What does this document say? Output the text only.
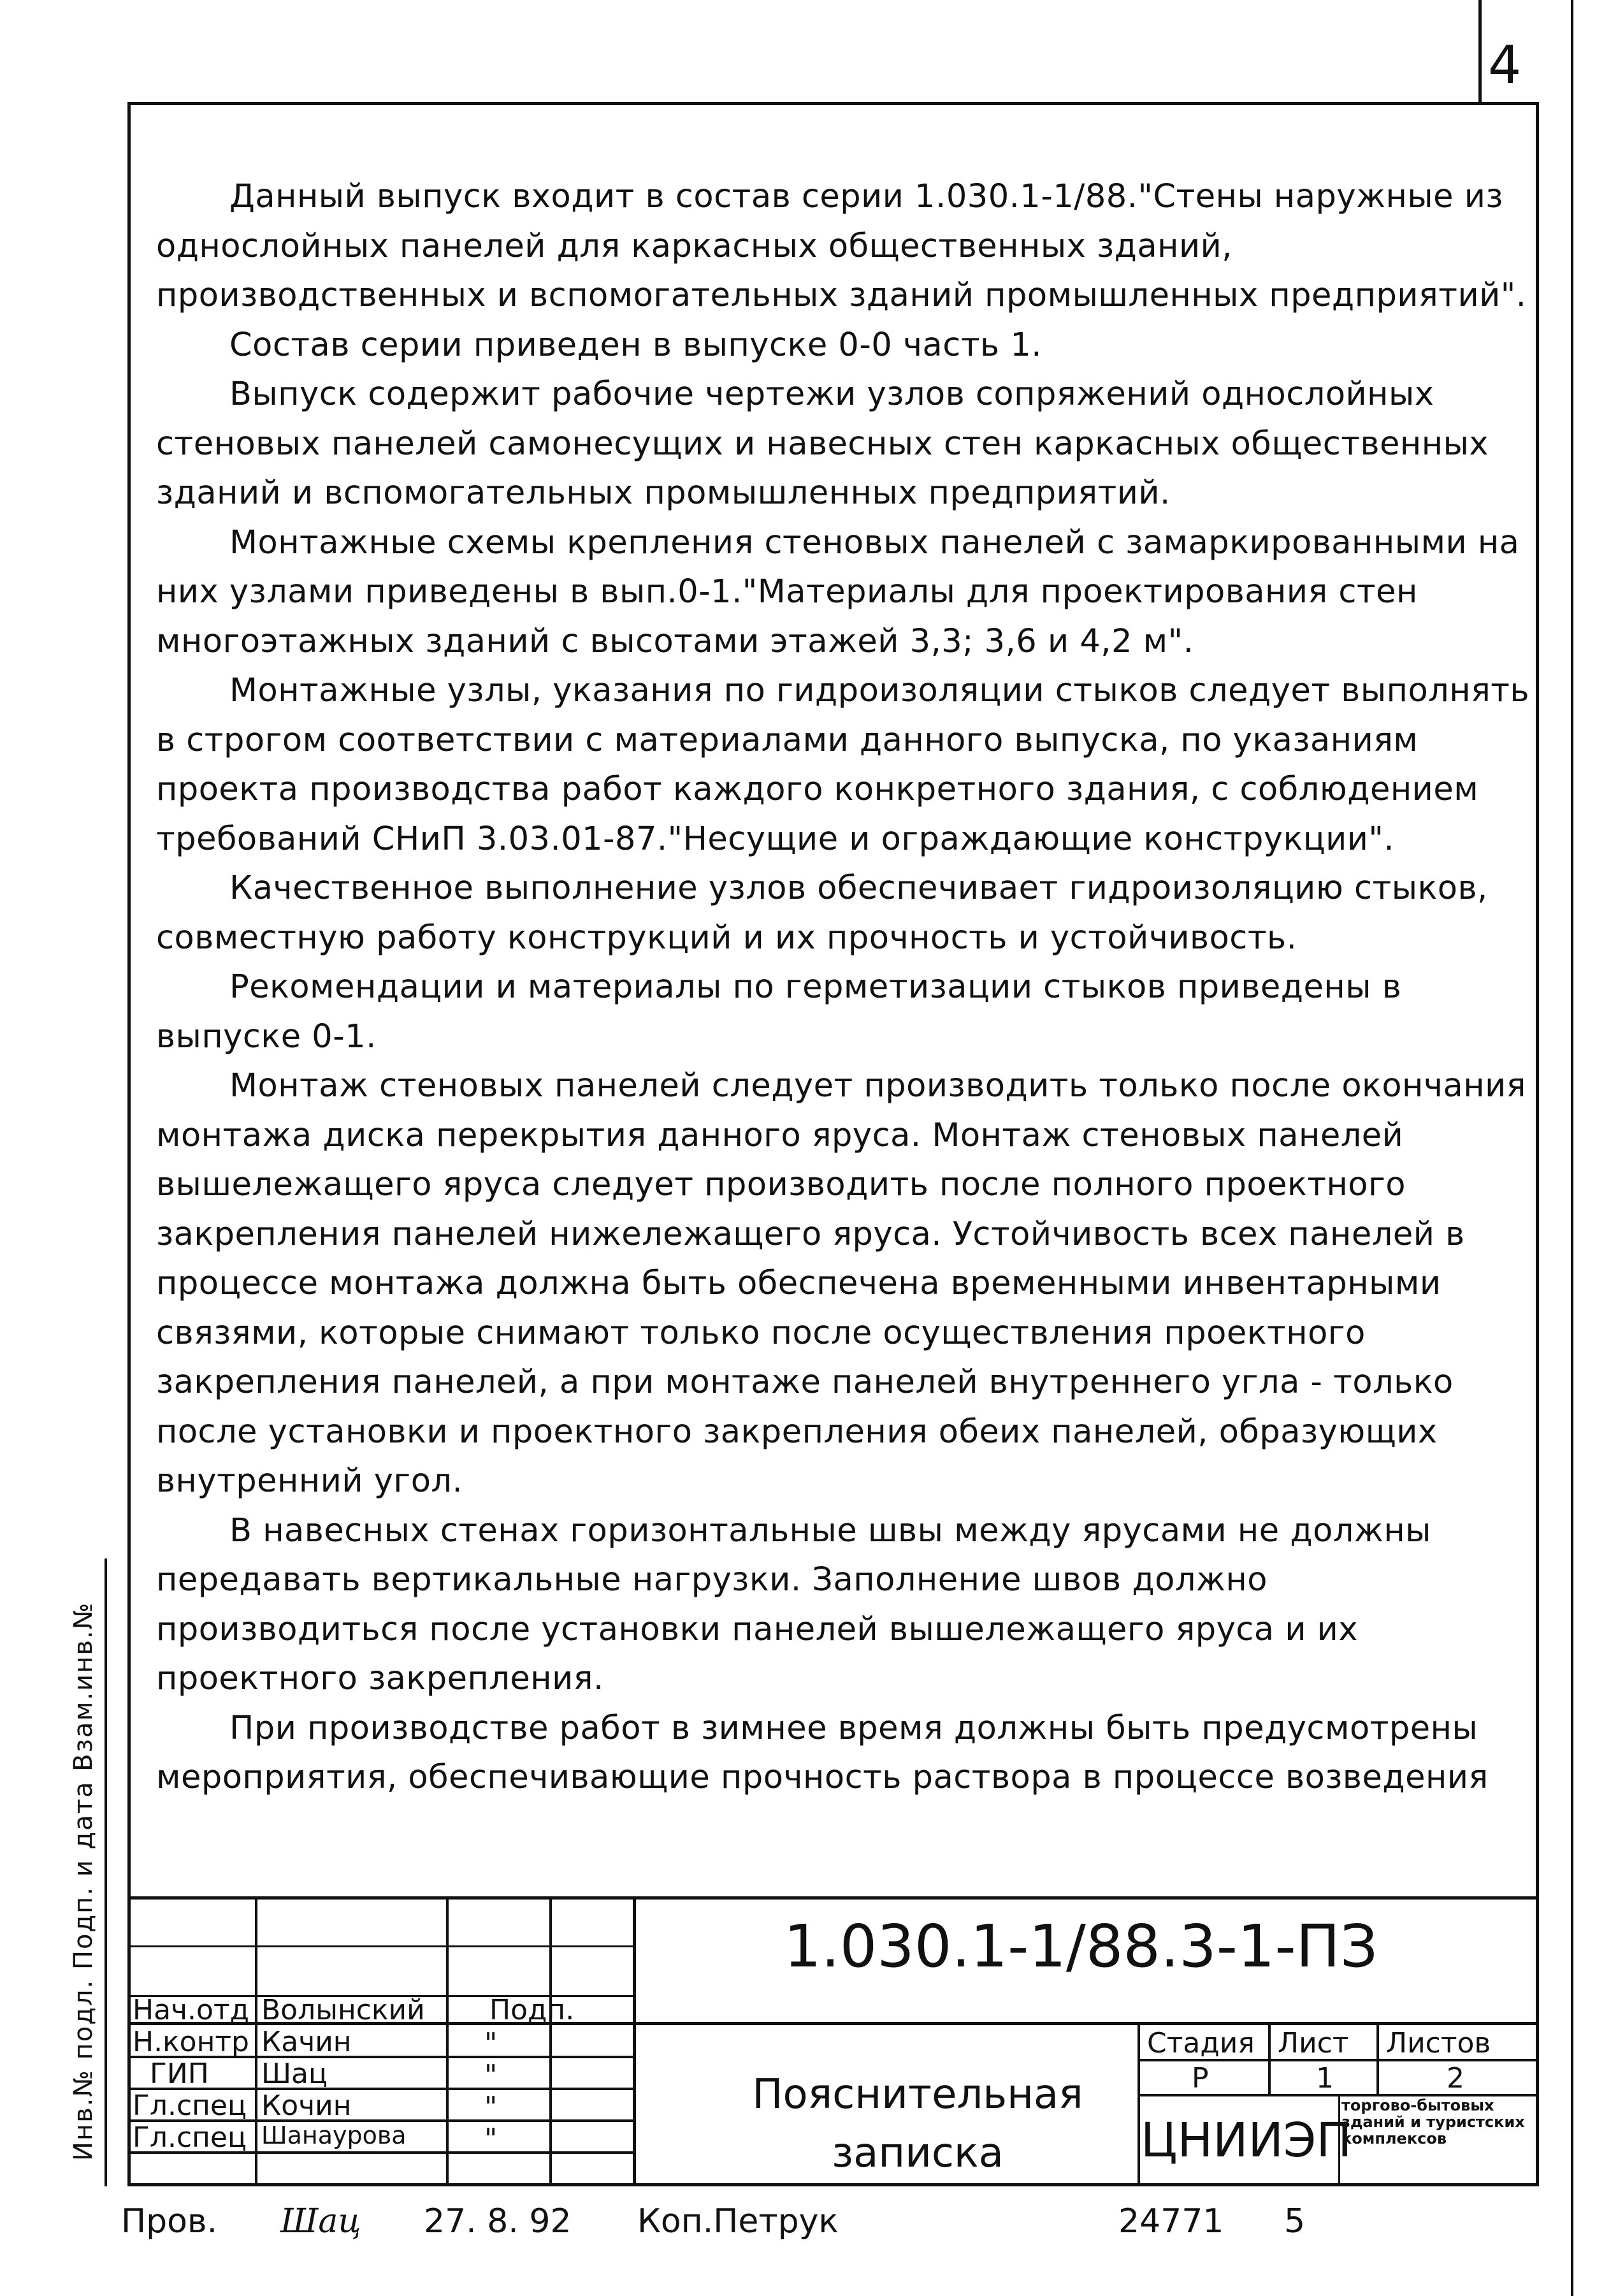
4

Данный выпуск входит в состав серии 1.030.1-1/88."Стены наружные из однослойных панелей для каркасных общественных зданий, производственных и вспомогательных зданий промышленных предприятий".

Состав серии приведен в выпуске 0-0 часть 1.

Выпуск содержит рабочие чертежи узлов сопряжений однослойных стеновых панелей самонесущих и навесных стен каркасных общественных зданий и вспомогательных промышленных предприятий.

Монтажные схемы крепления стеновых панелей с замаркированными на них узлами приведены в вып.0-1."Материалы для проектирования стен многоэтажных зданий с высотами этажей 3,3; 3,6 и 4,2 м".

Монтажные узлы, указания по гидроизоляции стыков следует выполнять в строгом соответствии с материалами данного выпуска, по указаниям проекта производства работ каждого конкретного здания, с соблюдением требований СНиП 3.03.01-87."Несущие и ограждающие конструкции".

Качественное выполнение узлов обеспечивает гидроизоляцию стыков, совместную работу конструкций и их прочность и устойчивость.

Рекомендации и материалы по герметизации стыков приведены в выпуске 0-1.

Монтаж стеновых панелей следует производить только после окончания монтажа диска перекрытия данного яруса. Монтаж стеновых панелей вышележащего яруса следует производить после полного проектного закрепления панелей нижележащего яруса. Устойчивость всех панелей в процессе монтажа должна быть обеспечена временными инвентарными связями, которые снимают только после осуществления проектного закрепления панелей, а при монтаже панелей внутреннего угла - только после установки и проектного закрепления обеих панелей, образующих внутренний угол.

В навесных стенах горизонтальные швы между ярусами не должны передавать вертикальные нагрузки. Заполнение швов должно производиться после установки панелей вышележащего яруса и их проектного закрепления.

При производстве работ в зимнее время должны быть предусмотрены мероприятия, обеспечивающие прочность раствора в процессе возведения

1.030.1-1/88.3-1-ПЗ
Подп.
Нач.отд Волынский
Н.контр Качин	"
ГИП Шац	"
Гл.спец Кочин	"
Гл.спец Шанаурова	"
Пояснительная
записка
Стадия Лист Листов
Р	1	2
ЦНИИЭП
торгово-бытовых зданий и туристских комплексов
Инв.№ подл. Подп. и дата Взам.инв.№
Пров. Шац 27. 8. 92 Коп.Петрук	24771 5
